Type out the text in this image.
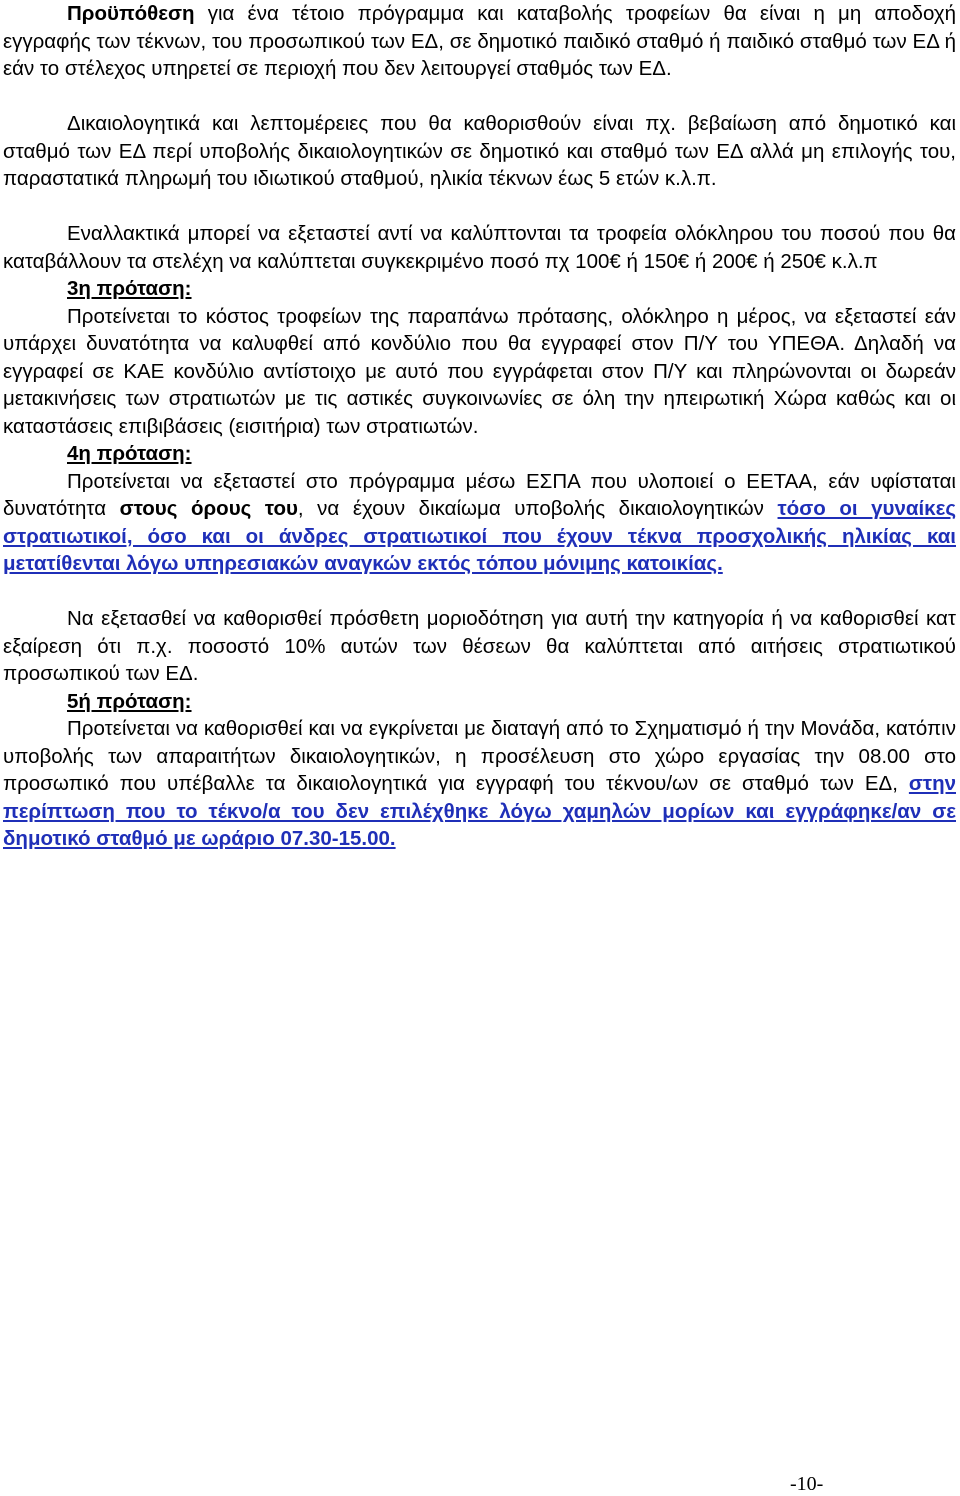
Προϋπόθεση για ένα τέτοιο πρόγραμμα και καταβολής τροφείων θα είναι η μη αποδοχή εγγραφής των τέκνων, του προσωπικού των ΕΔ, σε δημοτικό παιδικό σταθμό ή παιδικό σταθμό των ΕΔ ή εάν το στέλεχος υπηρετεί σε περιοχή που δεν λειτουργεί σταθμός των ΕΔ.

Δικαιολογητικά και λεπτομέρειες που θα καθορισθούν είναι πχ. βεβαίωση από δημοτικό και σταθμό των ΕΔ περί υποβολής δικαιολογητικών σε δημοτικό και σταθμό των ΕΔ αλλά μη επιλογής του, παραστατικά πληρωμή του ιδιωτικού σταθμού, ηλικία τέκνων έως 5 ετών κ.λ.π.

Εναλλακτικά μπορεί να εξεταστεί αντί να καλύπτονται τα τροφεία ολόκληρου του ποσού που θα καταβάλλουν τα στελέχη να καλύπτεται συγκεκριμένο ποσό πχ 100€ ή 150€ ή 200€ ή 250€ κ.λ.π

3η πρόταση:

Προτείνεται το κόστος τροφείων της παραπάνω πρότασης, ολόκληρο η μέρος, να εξεταστεί εάν υπάρχει δυνατότητα να καλυφθεί από κονδύλιο που θα εγγραφεί στον Π/Υ του ΥΠΕΘΑ. Δηλαδή να εγγραφεί σε ΚΑΕ κονδύλιο αντίστοιχο με αυτό που εγγράφεται στον Π/Υ και πληρώνονται οι δωρεάν μετακινήσεις των στρατιωτών με τις αστικές συγκοινωνίες σε όλη την ηπειρωτική Χώρα καθώς και οι καταστάσεις επιβιβάσεις (εισιτήρια) των στρατιωτών.

4η πρόταση:

Προτείνεται να εξεταστεί στο πρόγραμμα μέσω ΕΣΠΑ που υλοποιεί ο ΕΕΤΑΑ, εάν υφίσταται δυνατότητα στους όρους του, να έχουν δικαίωμα υποβολής δικαιολογητικών τόσο οι γυναίκες στρατιωτικοί, όσο και οι άνδρες στρατιωτικοί που έχουν τέκνα προσχολικής ηλικίας και μετατίθενται λόγω υπηρεσιακών αναγκών εκτός τόπου μόνιμης κατοικίας.

Να εξετασθεί να καθορισθεί πρόσθετη μοριοδότηση για αυτή την κατηγορία ή να καθορισθεί κατ εξαίρεση ότι π.χ. ποσοστό 10% αυτών των θέσεων θα καλύπτεται από αιτήσεις στρατιωτικού προσωπικού των ΕΔ.

5ή πρόταση:

Προτείνεται να καθορισθεί και να εγκρίνεται με διαταγή από το Σχηματισμό ή την Μονάδα, κατόπιν υποβολής των απαραιτήτων δικαιολογητικών, η προσέλευση στο χώρο εργασίας την 08.00 στο προσωπικό που υπέβαλλε τα δικαιολογητικά για εγγραφή του τέκνου/ων σε σταθμό των ΕΔ, στην περίπτωση που το τέκνο/α του δεν επιλέχθηκε λόγω χαμηλών μορίων και εγγράφηκε/αν σε δημοτικό σταθμό με ωράριο 07.30-15.00.

-10-
